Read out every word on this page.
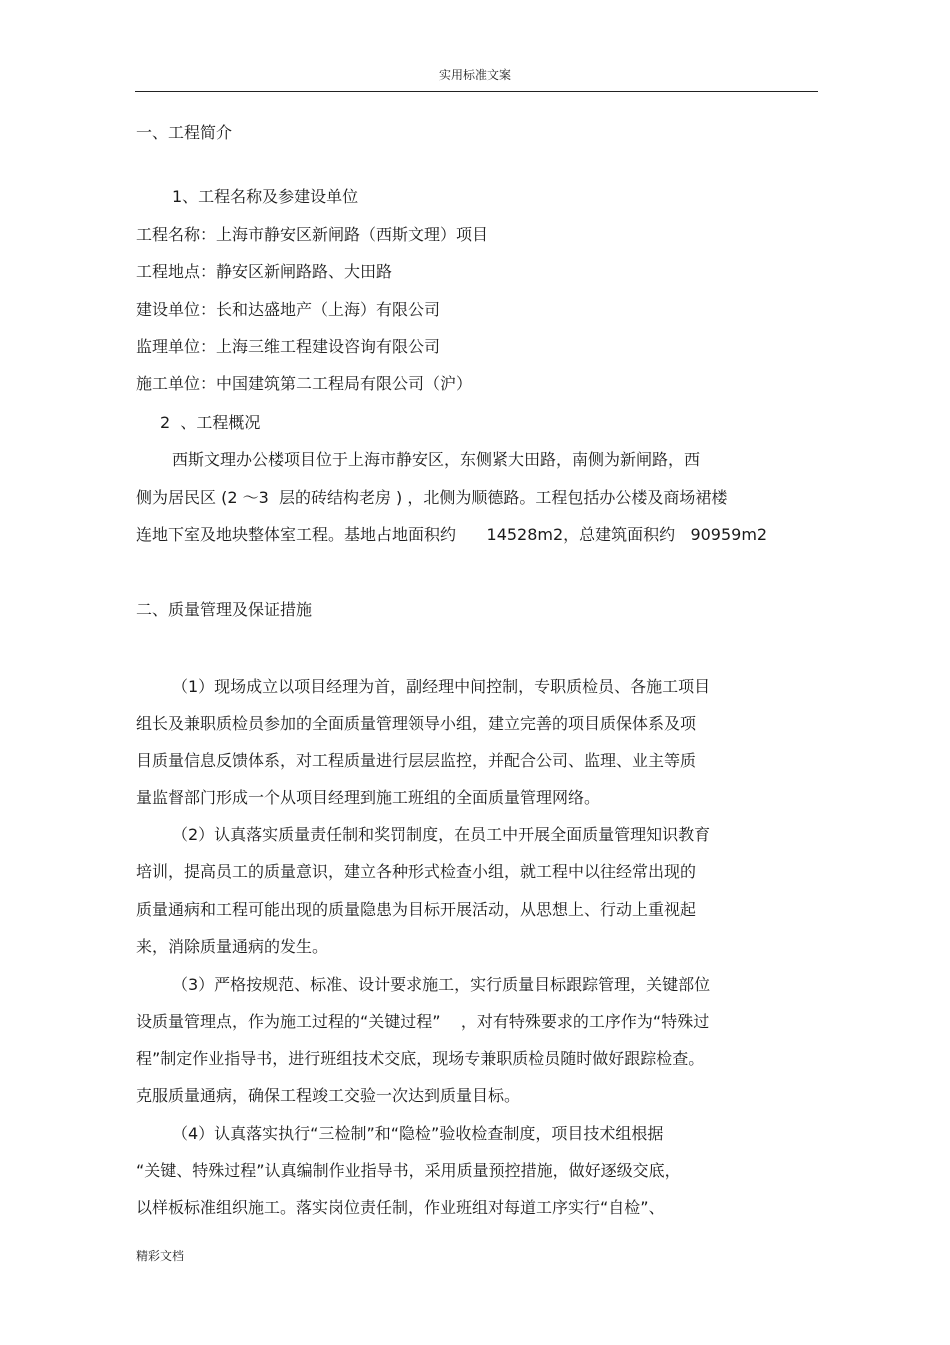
实用标准文案
一、工程简介
1、工程名称及参建设单位
工程名称：上海市静安区新闸路（西斯文理）项目
工程地点：静安区新闸路路、大田路
建设单位：长和达盛地产（上海）有限公司
监理单位：上海三维工程建设咨询有限公司
施工单位：中国建筑第二工程局有限公司（沪）
2  、工程概况
西斯文理办公楼项目位于上海市静安区，东侧紧大田路，南侧为新闸路，西
侧为居民区 (2 ～3  层的砖结构老房 ) ，北侧为顺德路。工程包括办公楼及商场裙楼
连地下室及地块整体室工程。基地占地面积约      14528m2，总建筑面积约   90959m2
二、质量管理及保证措施
（1）现场成立以项目经理为首，副经理中间控制，专职质检员、各施工项目
组长及兼职质检员参加的全面质量管理领导小组，建立完善的项目质保体系及项
目质量信息反馈体系，对工程质量进行层层监控，并配合公司、监理、业主等质
量监督部门形成一个从项目经理到施工班组的全面质量管理网络。
（2）认真落实质量责任制和奖罚制度，在员工中开展全面质量管理知识教育
培训，提高员工的质量意识，建立各种形式检查小组，就工程中以往经常出现的
质量通病和工程可能出现的质量隐患为目标开展活动，从思想上、行动上重视起
来，消除质量通病的发生。
（3）严格按规范、标准、设计要求施工，实行质量目标跟踪管理，关键部位
设质量管理点，作为施工过程的“关键过程”    ，对有特殊要求的工序作为“特殊过
程”制定作业指导书，进行班组技术交底，现场专兼职质检员随时做好跟踪检查。
克服质量通病，确保工程竣工交验一次达到质量目标。
（4）认真落实执行“三检制”和“隐检”验收检查制度，项目技术组根据
“关键、特殊过程”认真编制作业指导书，采用质量预控措施，做好逐级交底，
以样板标准组织施工。落实岗位责任制，作业班组对每道工序实行“自检”、
精彩文档
